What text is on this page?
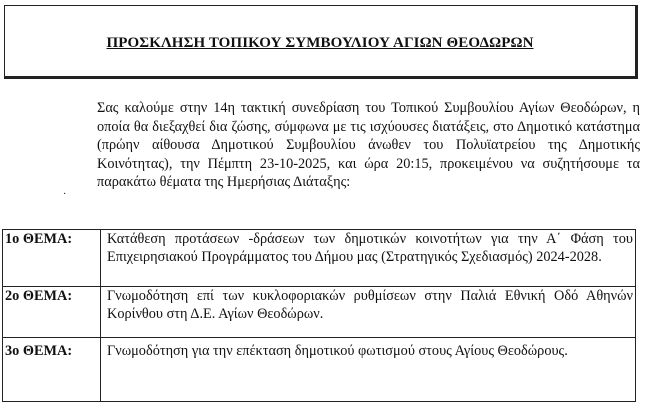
ΠΡΟΣΚΛΗΣΗ ΤΟΠΙΚΟΥ ΣΥΜΒΟΥΛΙΟΥ ΑΓΙΩΝ ΘΕΟΔΩΡΩΝ
Σας καλούμε στην 14η τακτική συνεδρίαση του Τοπικού Συμβουλίου Αγίων Θεοδώρων, η οποία θα διεξαχθεί δια ζώσης, σύμφωνα με τις ισχύουσες διατάξεις, στο Δημοτικό κατάστημα (πρώην αίθουσα Δημοτικού Συμβουλίου άνωθεν του Πολυϊατρείου της Δημοτικής Κοινότητας), την Πέμπτη 23-10-2025, και ώρα 20:15, προκειμένου να συζητήσουμε τα παρακάτω θέματα της Ημερήσιας Διάταξης:
·
1ο ΘΕΜΑ:	Κατάθεση προτάσεων -δράσεων των δημοτικών κοινοτήτων για την Α΄ Φάση του Επιχειρησιακού Προγράμματος του Δήμου μας (Στρατηγικός Σχεδιασμός) 2024-2028.
2ο ΘΕΜΑ:	Γνωμοδότηση επί των κυκλοφοριακών ρυθμίσεων στην Παλιά Εθνική Οδό Αθηνών Κορίνθου στη Δ.Ε. Αγίων Θεοδώρων.
3ο ΘΕΜΑ:	Γνωμοδότηση για την επέκταση δημοτικού φωτισμού στους Αγίους Θεοδώρους.
